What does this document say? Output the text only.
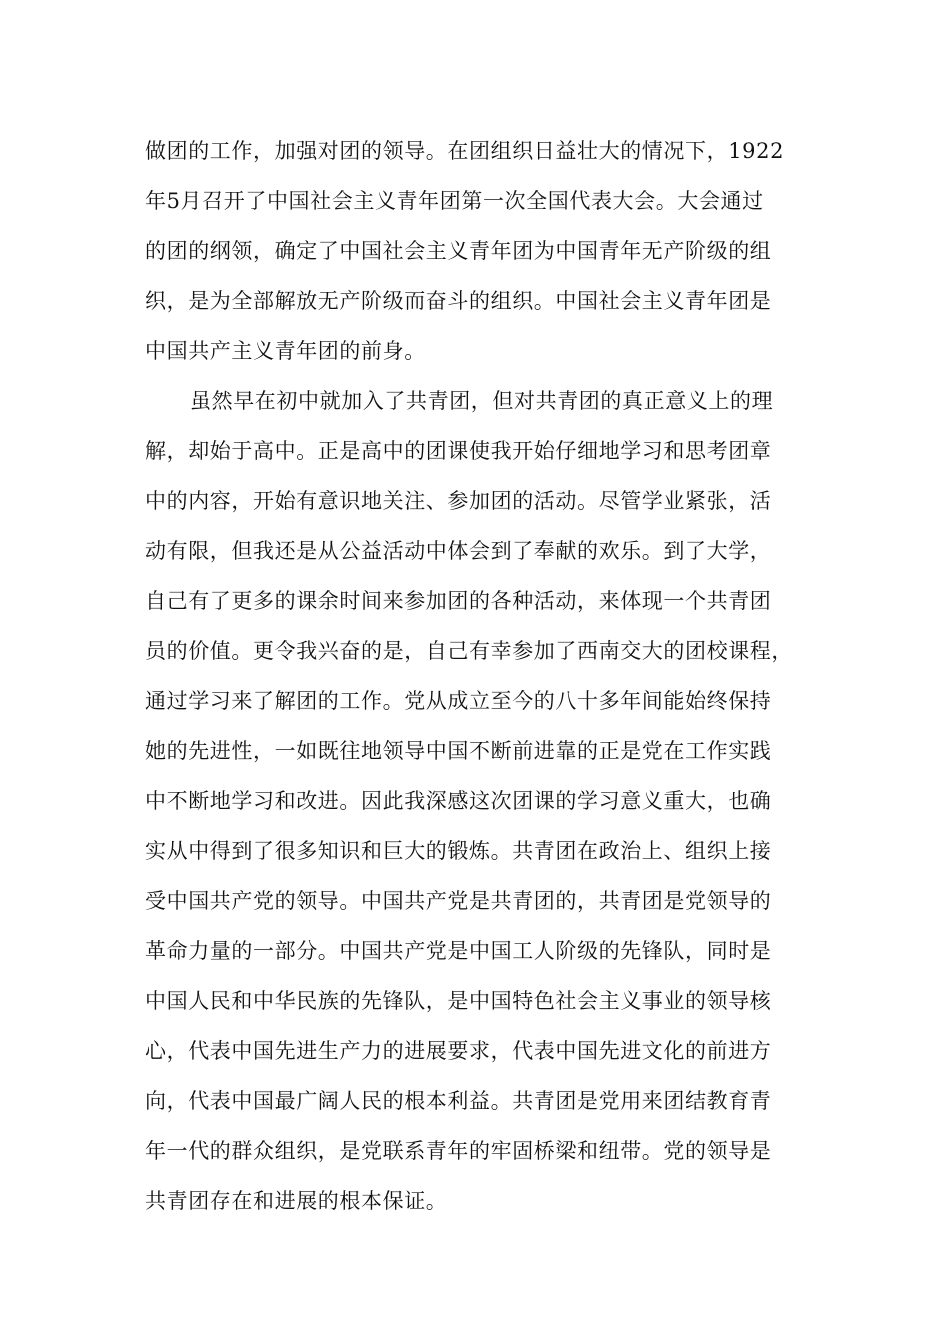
做团的工作，加强对团的领导。在团组织日益壮大的情况下，1922
年5月召开了中国社会主义青年团第一次全国代表大会。大会通过
的团的纲领，确定了中国社会主义青年团为中国青年无产阶级的组
织，是为全部解放无产阶级而奋斗的组织。中国社会主义青年团是
中国共产主义青年团的前身。
虽然早在初中就加入了共青团，但对共青团的真正意义上的理
解，却始于高中。正是高中的团课使我开始仔细地学习和思考团章
中的内容，开始有意识地关注、参加团的活动。尽管学业紧张，活
动有限，但我还是从公益活动中体会到了奉献的欢乐。到了大学，
自己有了更多的课余时间来参加团的各种活动，来体现一个共青团
员的价值。更令我兴奋的是，自己有幸参加了西南交大的团校课程，
通过学习来了解团的工作。党从成立至今的八十多年间能始终保持
她的先进性，一如既往地领导中国不断前进靠的正是党在工作实践
中不断地学习和改进。因此我深感这次团课的学习意义重大，也确
实从中得到了很多知识和巨大的锻炼。共青团在政治上、组织上接
受中国共产党的领导。中国共产党是共青团的，共青团是党领导的
革命力量的一部分。中国共产党是中国工人阶级的先锋队，同时是
中国人民和中华民族的先锋队，是中国特色社会主义事业的领导核
心，代表中国先进生产力的进展要求，代表中国先进文化的前进方
向，代表中国最广阔人民的根本利益。共青团是党用来团结教育青
年一代的群众组织，是党联系青年的牢固桥梁和纽带。党的领导是
共青团存在和进展的根本保证。
